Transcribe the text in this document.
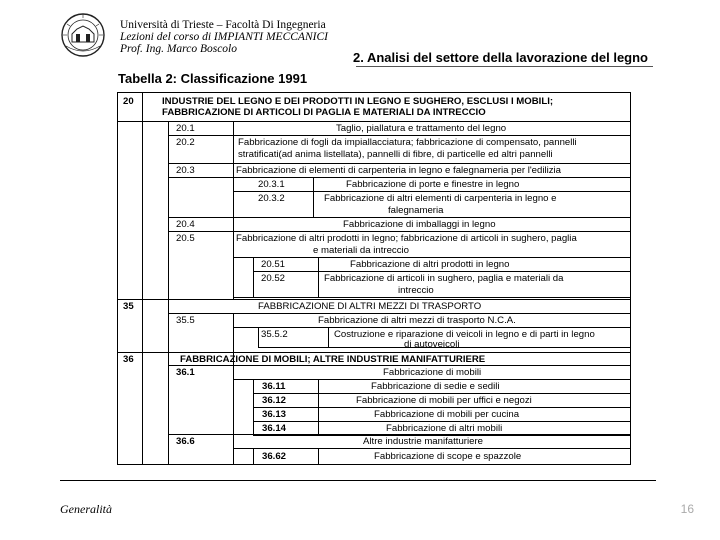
Università di Trieste – Facoltà Di Ingegneria
Lezioni del corso di IMPIANTI MECCANICI
Prof. Ing. Marco Boscolo
2. Analisi del settore della lavorazione del legno
Tabella 2: Classificazione 1991
20	INDUSTRIE DEL LEGNO E DEI PRODOTTI IN LEGNO E SUGHERO, ESCLUSI I MOBILI;
FABBRICAZIONE DI ARTICOLI DI PAGLIA E MATERIALI DA INTRECCIO
20.1	Taglio, piallatura e trattamento del legno
20.2	Fabbricazione di fogli da impiallacciatura; fabbricazione di compensato, pannelli
stratificati(ad anima listellata), pannelli di fibre, di particelle ed altri pannelli
20.3	Fabbricazione di elementi di carpenteria in legno e falegnameria per l'edilizia
20.3.1	Fabbricazione di porte e finestre in legno
20.3.2	Fabbricazione di altri elementi di carpenteria in legno e
falegnameria
20.4	Fabbricazione di imballaggi in legno
20.5	Fabbricazione di altri prodotti in legno; fabbricazione di articoli in sughero, paglia
e materiali da intreccio
20.51	Fabbricazione di altri prodotti in legno
20.52	Fabbricazione di articoli in sughero, paglia e materiali da
intreccio
35	FABBRICAZIONE DI ALTRI MEZZI DI TRASPORTO
35.5	Fabbricazione di altri mezzi di trasporto N.C.A.
35.5.2	Costruzione e riparazione di veicoli in legno e di parti in legno
di autoveicoli
36	FABBRICAZIONE DI MOBILI; ALTRE INDUSTRIE MANIFATTURIERE
36.1	Fabbricazione di mobili
36.11	Fabbricazione di sedie e sedili
36.12	Fabbricazione di mobili per uffici e negozi
36.13	Fabbricazione di mobili per cucina
36.14	Fabbricazione di altri mobili
36.6	Altre industrie manifatturiere
36.62	Fabbricazione di scope e spazzole
Generalità	16
